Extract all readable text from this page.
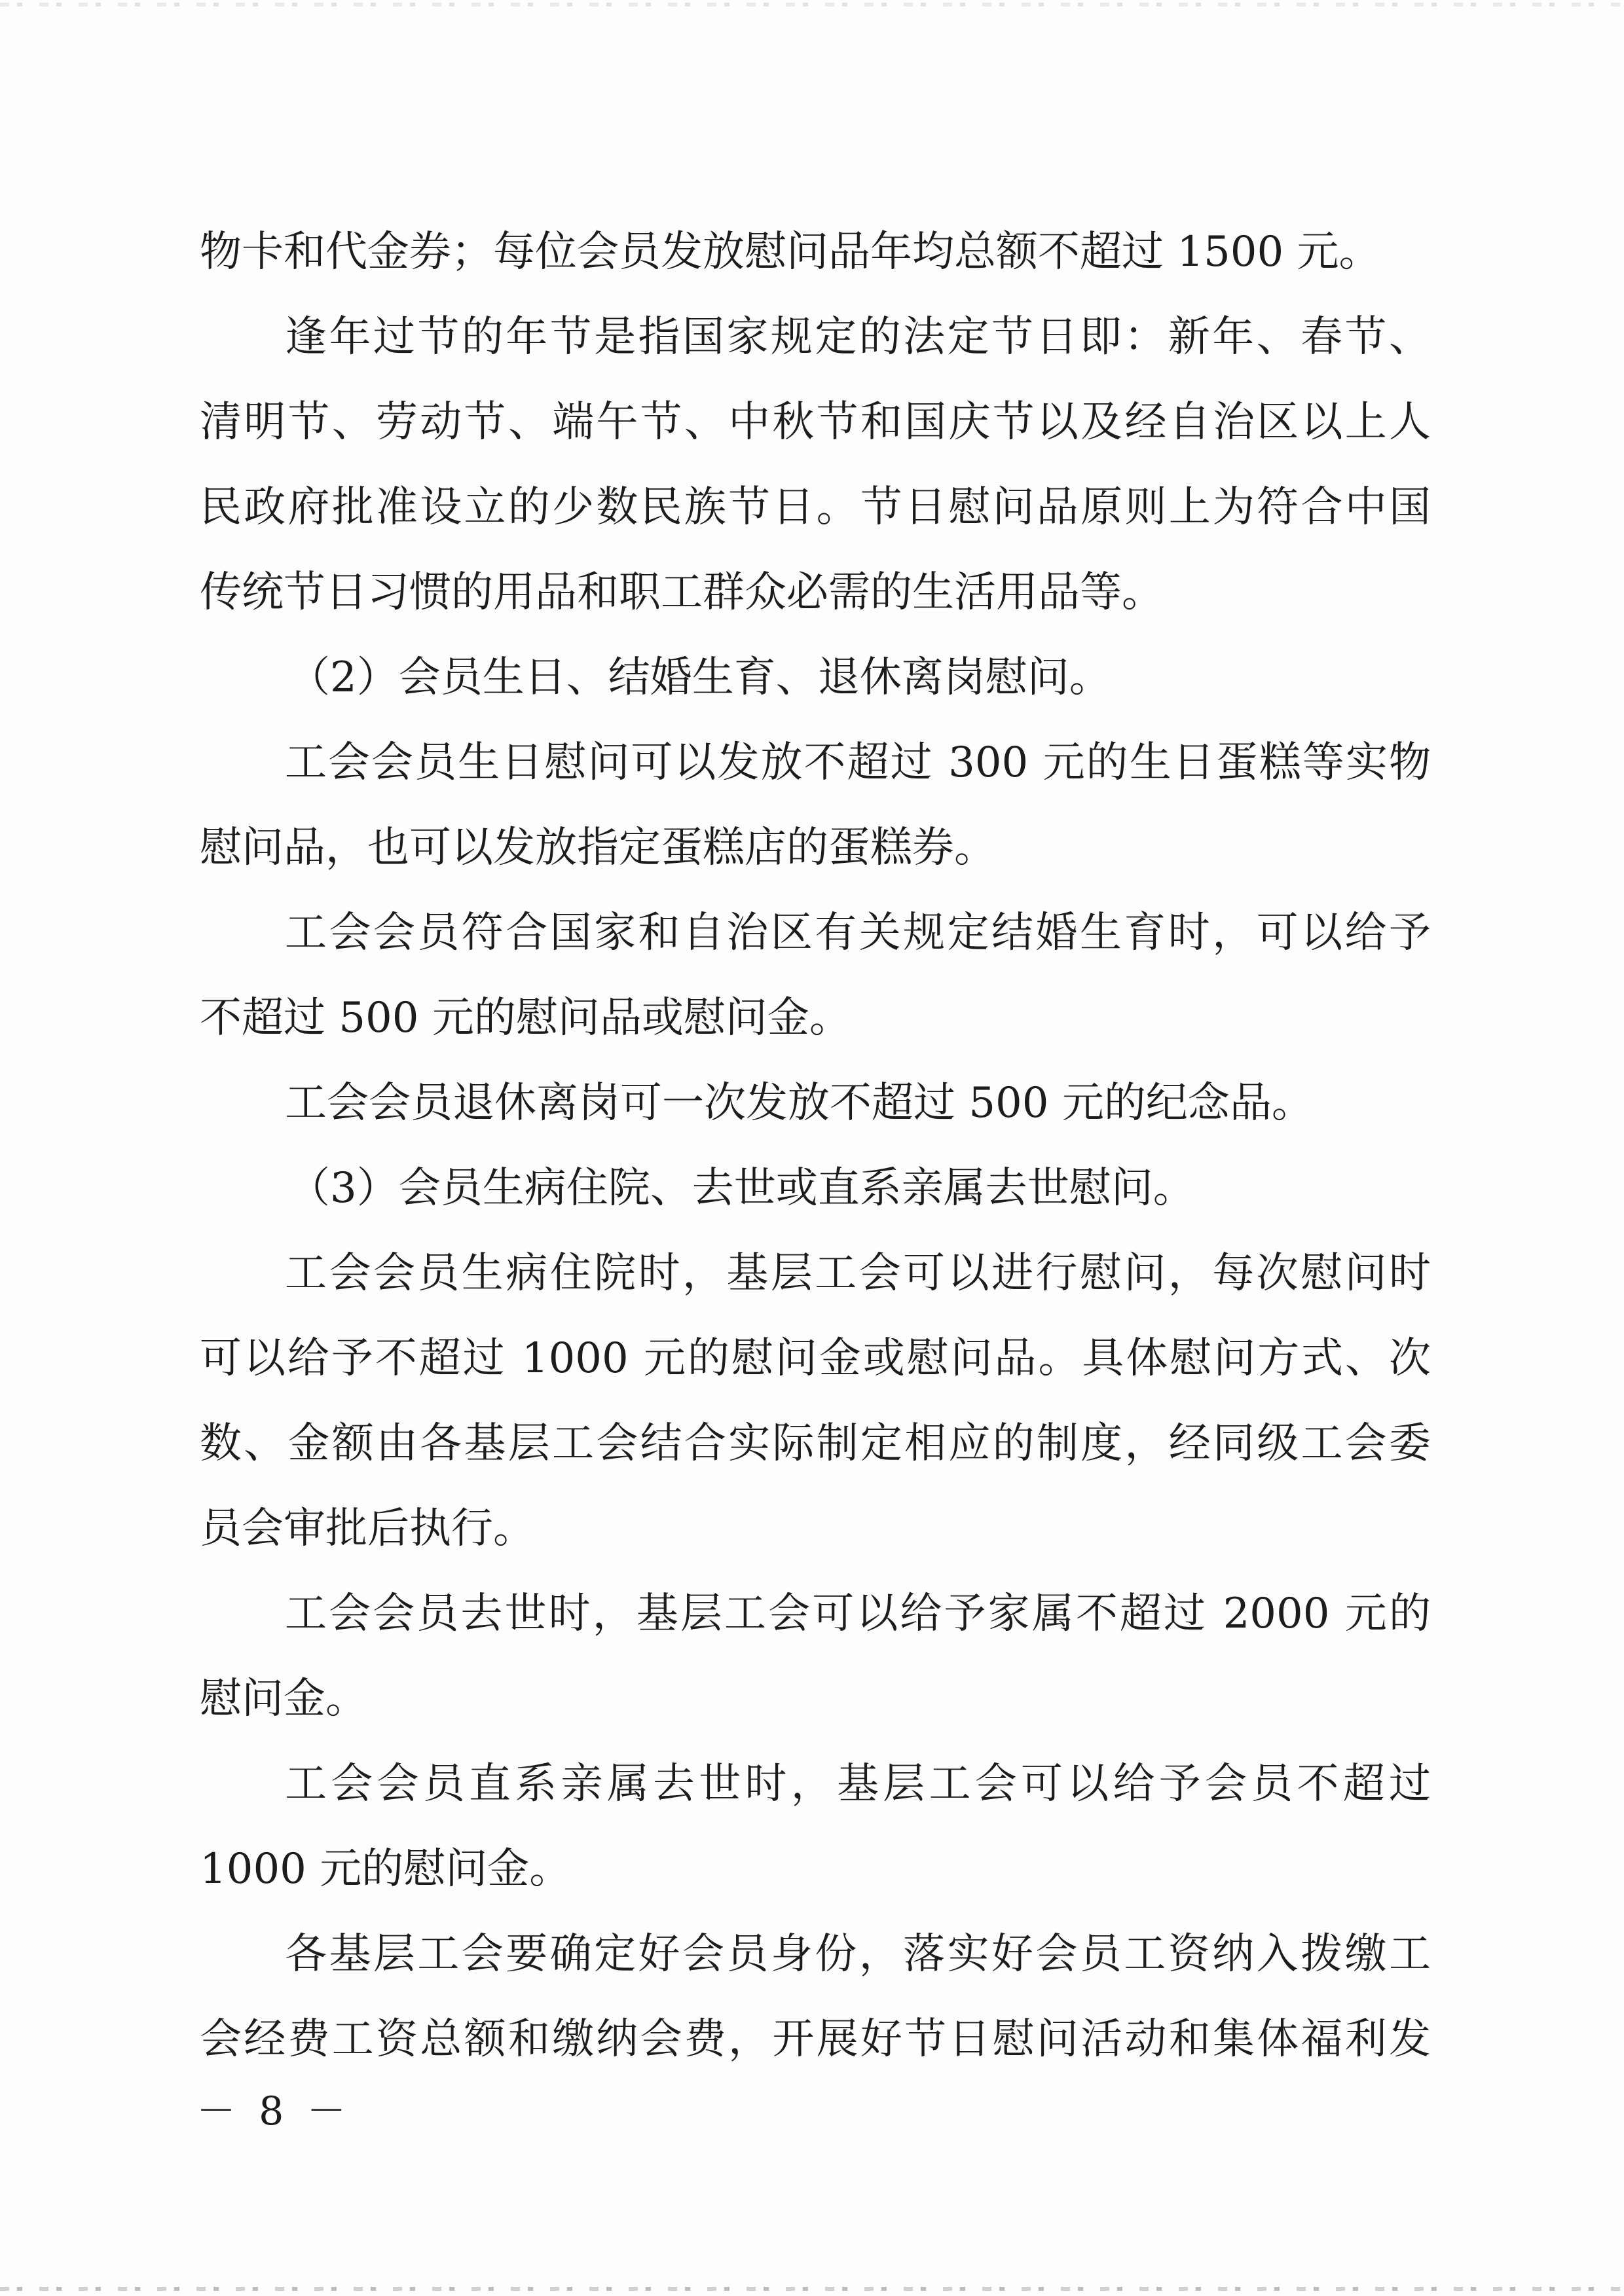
物卡和代金券；每位会员发放慰问品年均总额不超过 1500 元。
逢年过节的年节是指国家规定的法定节日即：新年、春节、
清明节、劳动节、端午节、中秋节和国庆节以及经自治区以上人
民政府批准设立的少数民族节日。节日慰问品原则上为符合中国
传统节日习惯的用品和职工群众必需的生活用品等。
（2）会员生日、结婚生育、退休离岗慰问。
工会会员生日慰问可以发放不超过 300 元的生日蛋糕等实物
慰问品，也可以发放指定蛋糕店的蛋糕券。
工会会员符合国家和自治区有关规定结婚生育时，可以给予
不超过 500 元的慰问品或慰问金。
工会会员退休离岗可一次发放不超过 500 元的纪念品。
（3）会员生病住院、去世或直系亲属去世慰问。
工会会员生病住院时，基层工会可以进行慰问，每次慰问时
可以给予不超过 1000 元的慰问金或慰问品。具体慰问方式、次
数、金额由各基层工会结合实际制定相应的制度，经同级工会委
员会审批后执行。
工会会员去世时，基层工会可以给予家属不超过 2000 元的
慰问金。
工会会员直系亲属去世时，基层工会可以给予会员不超过
1000 元的慰问金。
各基层工会要确定好会员身份，落实好会员工资纳入拨缴工
会经费工资总额和缴纳会费，开展好节日慰问活动和集体福利发
－ 8 －
